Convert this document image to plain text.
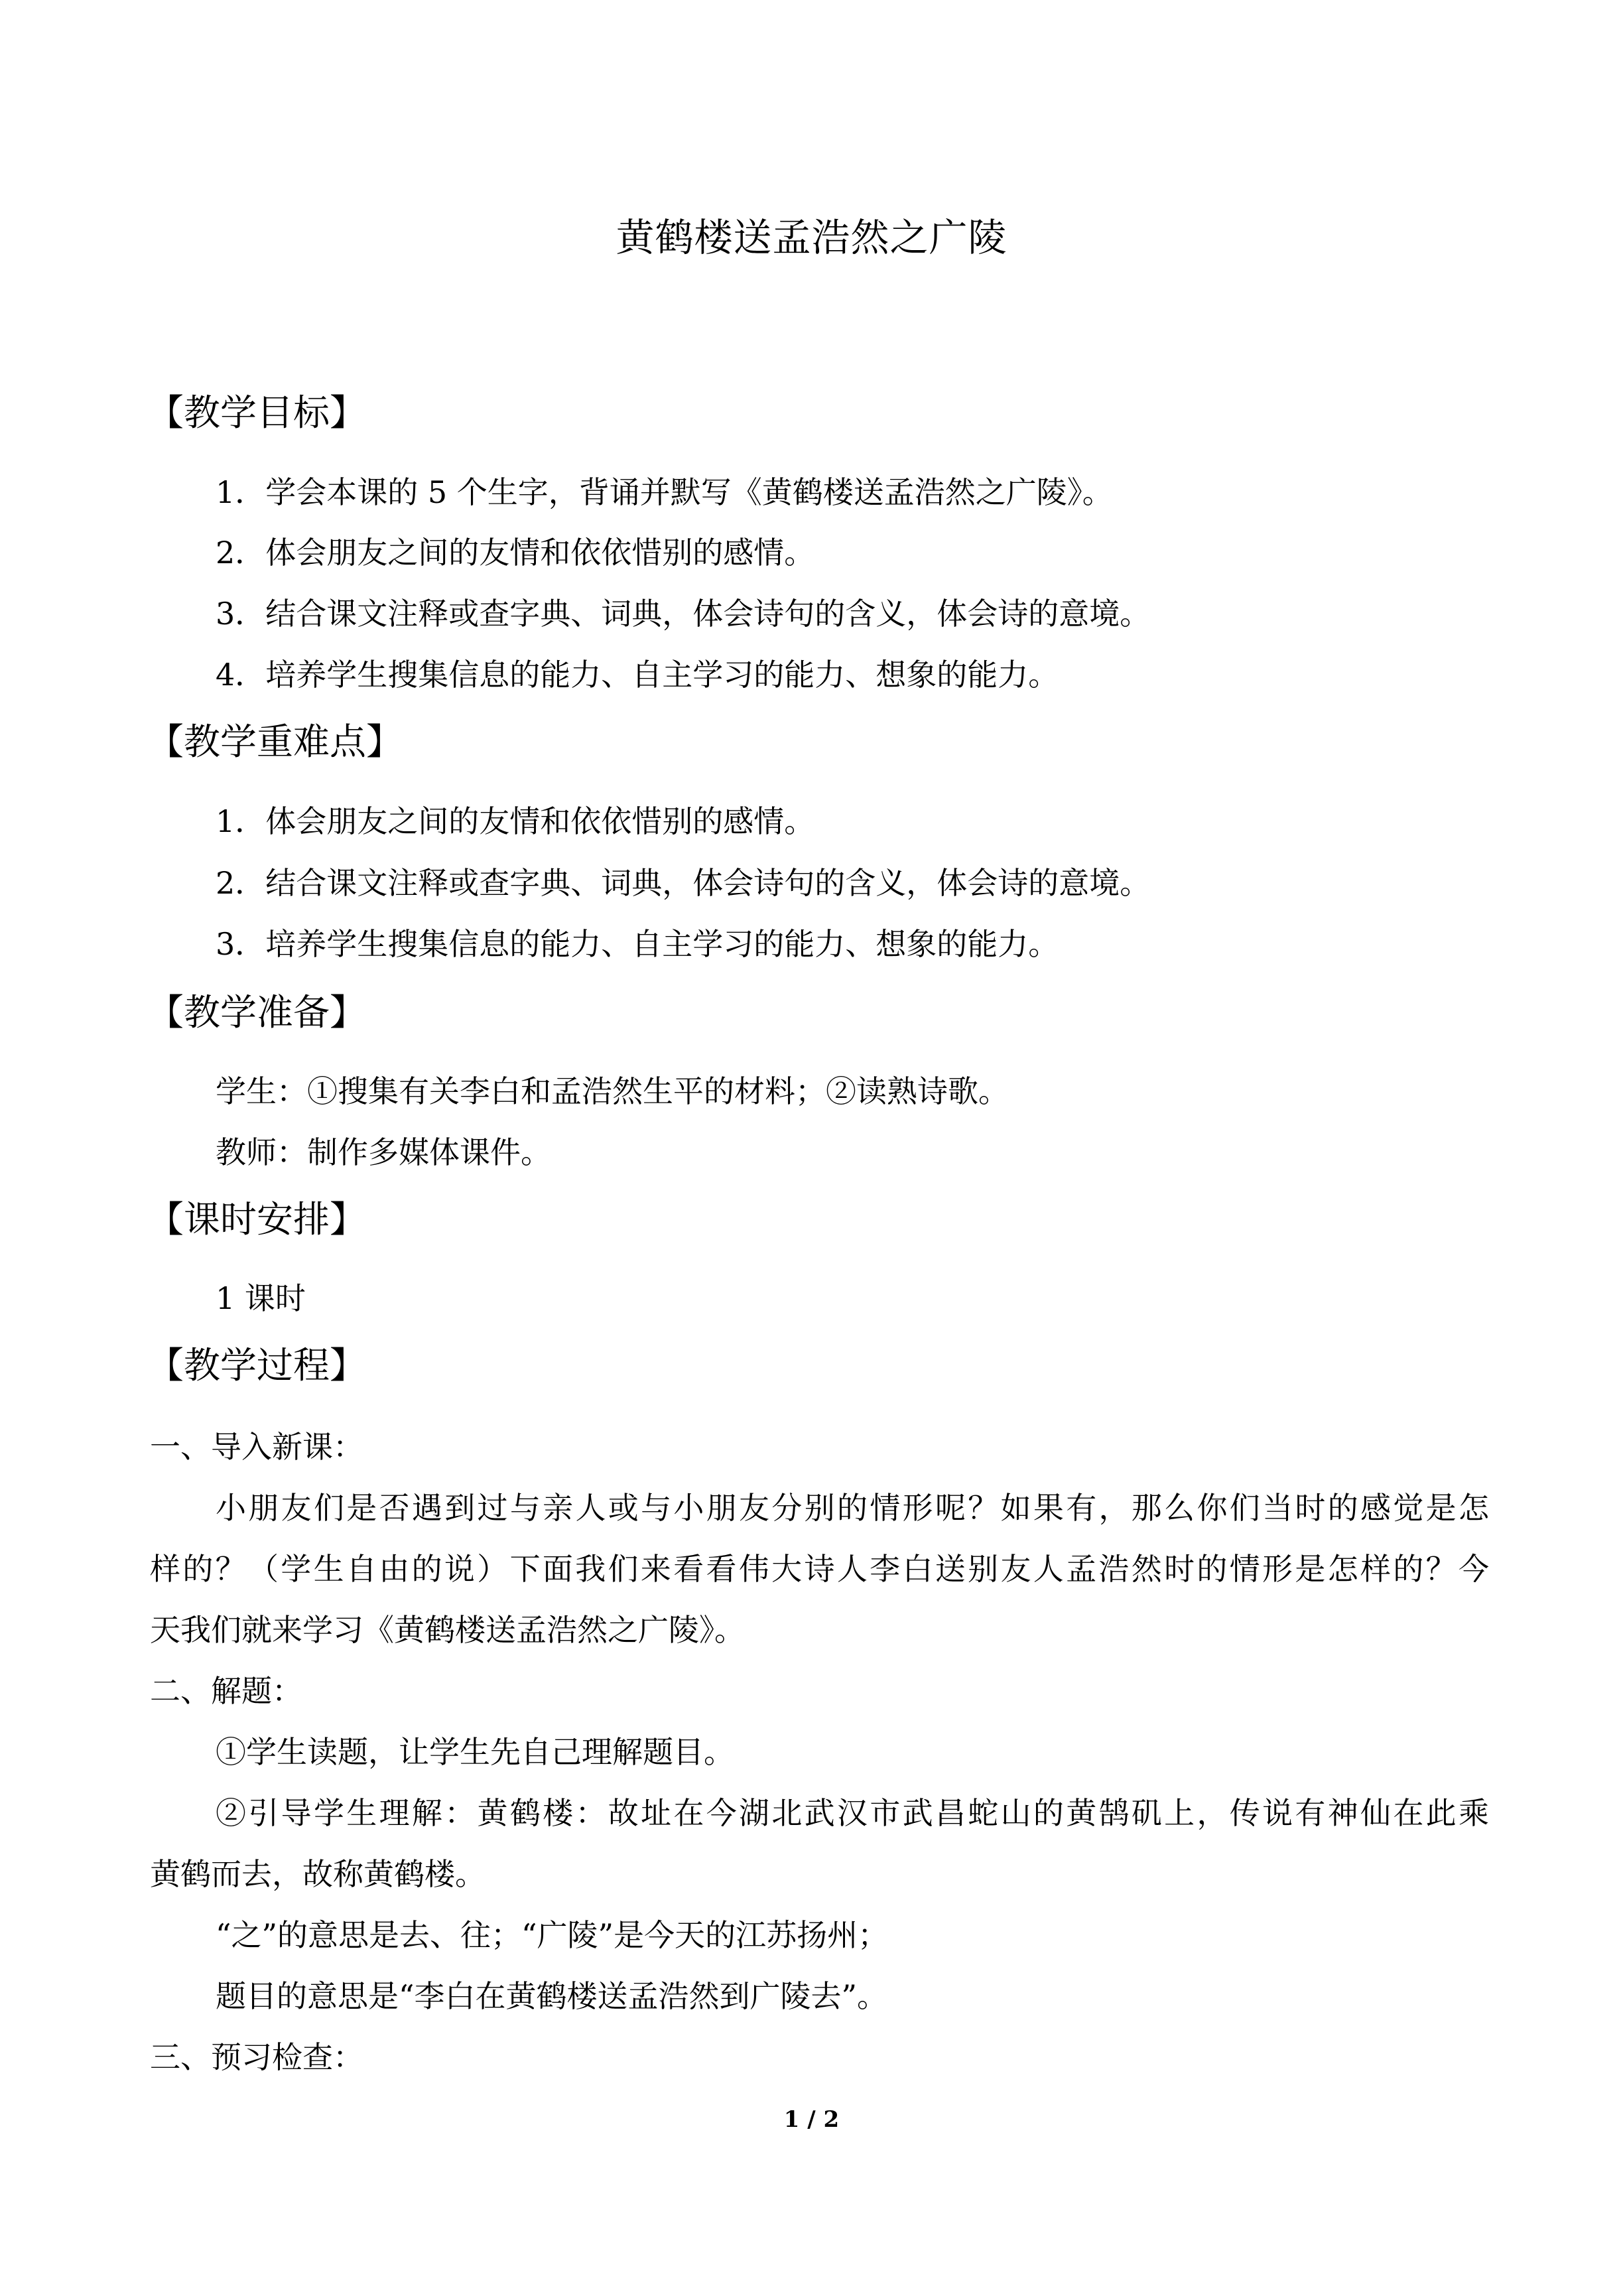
黄鹤楼送孟浩然之广陵
【教学目标】
1．学会本课的 5 个生字，背诵并默写《黄鹤楼送孟浩然之广陵》。
2．体会朋友之间的友情和依依惜别的感情。
3．结合课文注释或查字典、词典，体会诗句的含义，体会诗的意境。
4．培养学生搜集信息的能力、自主学习的能力、想象的能力。
【教学重难点】
1．体会朋友之间的友情和依依惜别的感情。
2．结合课文注释或查字典、词典，体会诗句的含义，体会诗的意境。
3．培养学生搜集信息的能力、自主学习的能力、想象的能力。
【教学准备】
学生：①搜集有关李白和孟浩然生平的材料；②读熟诗歌。
教师：制作多媒体课件。
【课时安排】
1 课时
【教学过程】
一、导入新课：
小朋友们是否遇到过与亲人或与小朋友分别的情形呢？如果有，那么你们当时的感觉是怎
样的？（学生自由的说）下面我们来看看伟大诗人李白送别友人孟浩然时的情形是怎样的？今
天我们就来学习《黄鹤楼送孟浩然之广陵》。
二、解题：
①学生读题，让学生先自己理解题目。
②引导学生理解：黄鹤楼：故址在今湖北武汉市武昌蛇山的黄鹄矶上，传说有神仙在此乘
黄鹤而去，故称黄鹤楼。
“之”的意思是去、往；“广陵”是今天的江苏扬州；
题目的意思是“李白在黄鹤楼送孟浩然到广陵去”。
三、预习检查：
1 / 2
